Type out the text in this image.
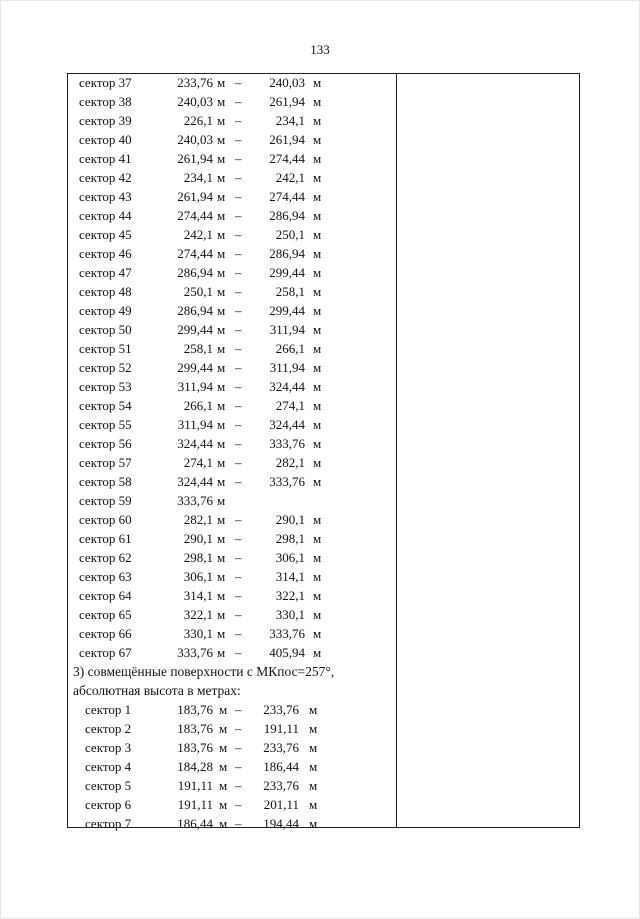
133
сектор 37	233,76 м –	240,03 м
сектор 38	240,03 м –	261,94 м
сектор 39	226,1 м –	234,1 м
сектор 40	240,03 м –	261,94 м
сектор 41	261,94 м –	274,44 м
сектор 42	234,1 м –	242,1 м
сектор 43	261,94 м –	274,44 м
сектор 44	274,44 м –	286,94 м
сектор 45	242,1 м –	250,1 м
сектор 46	274,44 м –	286,94 м
сектор 47	286,94 м –	299,44 м
сектор 48	250,1 м –	258,1 м
сектор 49	286,94 м –	299,44 м
сектор 50	299,44 м –	311,94 м
сектор 51	258,1 м –	266,1 м
сектор 52	299,44 м –	311,94 м
сектор 53	311,94 м –	324,44 м
сектор 54	266,1 м –	274,1 м
сектор 55	311,94 м –	324,44 м
сектор 56	324,44 м –	333,76 м
сектор 57	274,1 м –	282,1 м
сектор 58	324,44 м –	333,76 м
сектор 59	333,76 м
сектор 60	282,1 м –	290,1 м
сектор 61	290,1 м –	298,1 м
сектор 62	298,1 м –	306,1 м
сектор 63	306,1 м –	314,1 м
сектор 64	314,1 м –	322,1 м
сектор 65	322,1 м –	330,1 м
сектор 66	330,1 м –	333,76 м
сектор 67	333,76 м –	405,94 м
3) совмещённые поверхности с МКпос=257°,
абсолютная высота в метрах:
сектор 1	183,76 м –	233,76 м
сектор 2	183,76 м –	191,11 м
сектор 3	183,76 м –	233,76 м
сектор 4	184,28 м –	186,44 м
сектор 5	191,11 м –	233,76 м
сектор 6	191,11 м –	201,11 м
сектор 7	186,44 м –	194,44 м
